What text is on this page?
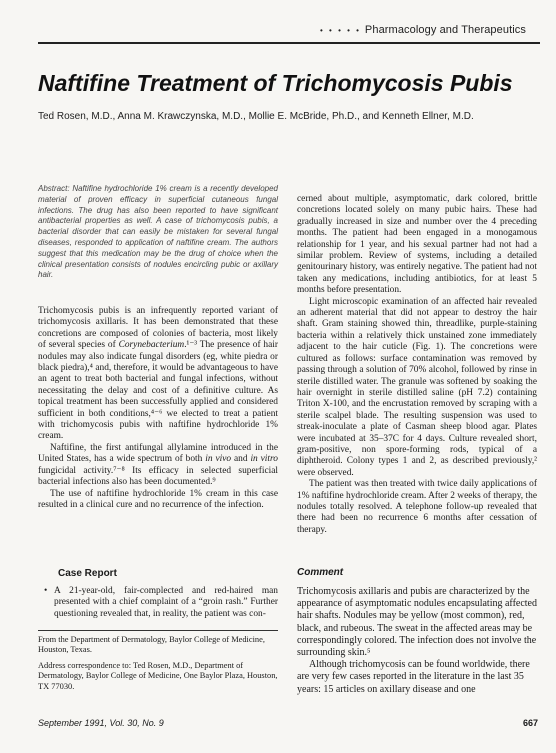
• • • • • Pharmacology and Therapeutics
Naftifine Treatment of Trichomycosis Pubis
Ted Rosen, M.D., Anna M. Krawczynska, M.D., Mollie E. McBride, Ph.D., and Kenneth Ellner, M.D.
Abstract: Naftifine hydrochloride 1% cream is a recently developed material of proven efficacy in superficial cutaneous fungal infections. The drug has also been reported to have significant antibacterial properties as well. A case of trichomycosis pubis, a bacterial disorder that can easily be mistaken for several fungal diseases, responded to application of naftifine cream. The authors suggest that this medication may be the drug of choice when the clinical presentation consists of nodules encircling pubic or axillary hair.

Trichomycosis pubis is an infrequently reported variant of trichomycosis axillaris. It has been demonstrated that these concretions are composed of colonies of bacteria, most likely of several species of Corynebacterium.¹⁻³ The presence of hair nodules may also indicate fungal disorders (eg, white piedra or black piedra),⁴ and, therefore, it would be advantageous to have an agent to treat both bacterial and fungal infections, without necessitating the delay and cost of a definitive culture. As topical treatment has been successfully applied and considered sufficient in both conditions,⁴⁻⁶ we elected to treat a patient with trichomycosis pubis with naftifine hydrochloride 1% cream.

Naftifine, the first antifungal allylamine introduced in the United States, has a wide spectrum of both in vivo and in vitro fungicidal activity.⁷⁻⁸ Its efficacy in selected superficial bacterial infections also has been documented.⁹

The use of naftifine hydrochloride 1% cream in this case resulted in a clinical cure and no recurrence of the infection.

Case Report
• A 21-year-old, fair-complected and red-haired man presented with a chief complaint of a “groin rash.” Further questioning revealed that, in reality, the patient was con-

From the Department of Dermatology, Baylor College of Medicine, Houston, Texas.

Address correspondence to: Ted Rosen, M.D., Department of Dermatology, Baylor College of Medicine, One Baylor Plaza, Houston, TX 77030.

cerned about multiple, asymptomatic, dark colored, brittle concretions located solely on many pubic hairs. These had gradually increased in size and number over the 4 preceding months. The patient had been engaged in a monogamous relationship for 1 year, and his sexual partner had not had a similar problem. Review of systems, including a detailed genitourinary history, was entirely negative. The patient had not taken any medications, including antibiotics, for at least 5 months before presentation.

Light microscopic examination of an affected hair revealed an adherent material that did not appear to destroy the hair shaft. Gram staining showed thin, threadlike, purple-staining bacteria within a relatively thick unstained zone immediately adjacent to the hair cuticle (Fig. 1). The concretions were cultured as follows: surface contamination was removed by passing through a solution of 70% alcohol, followed by rinse in sterile distilled water. The granule was softened by soaking the hair overnight in sterile distilled saline (pH 7.2) containing Triton X-100, and the encrustation removed by scraping with a sterile scalpel blade. The resulting suspension was used to streak-inoculate a plate of Casman sheep blood agar. Plates were incubated at 35–37C for 4 days. Culture revealed short, gram-positive, non spore-forming rods, typical of a diphtheroid. Colony types 1 and 2, as described previously,² were observed.

The patient was then treated with twice daily applications of 1% naftifine hydrochloride cream. After 2 weeks of therapy, the nodules totally resolved. A telephone follow-up revealed that there had been no recurrence 6 months after cessation of therapy.

Comment

Trichomycosis axillaris and pubis are characterized by the appearance of asymptomatic nodules encapsulating affected hair shafts. Nodules may be yellow (most common), red, black, and rubeous. The sweat in the affected areas may be correspondingly colored. The infection does not involve the surrounding skin.⁵

Although trichomycosis can be found worldwide, there are very few cases reported in the literature in the last 35 years: 15 articles on axillary disease and one

September 1991, Vol. 30, No. 9	667
